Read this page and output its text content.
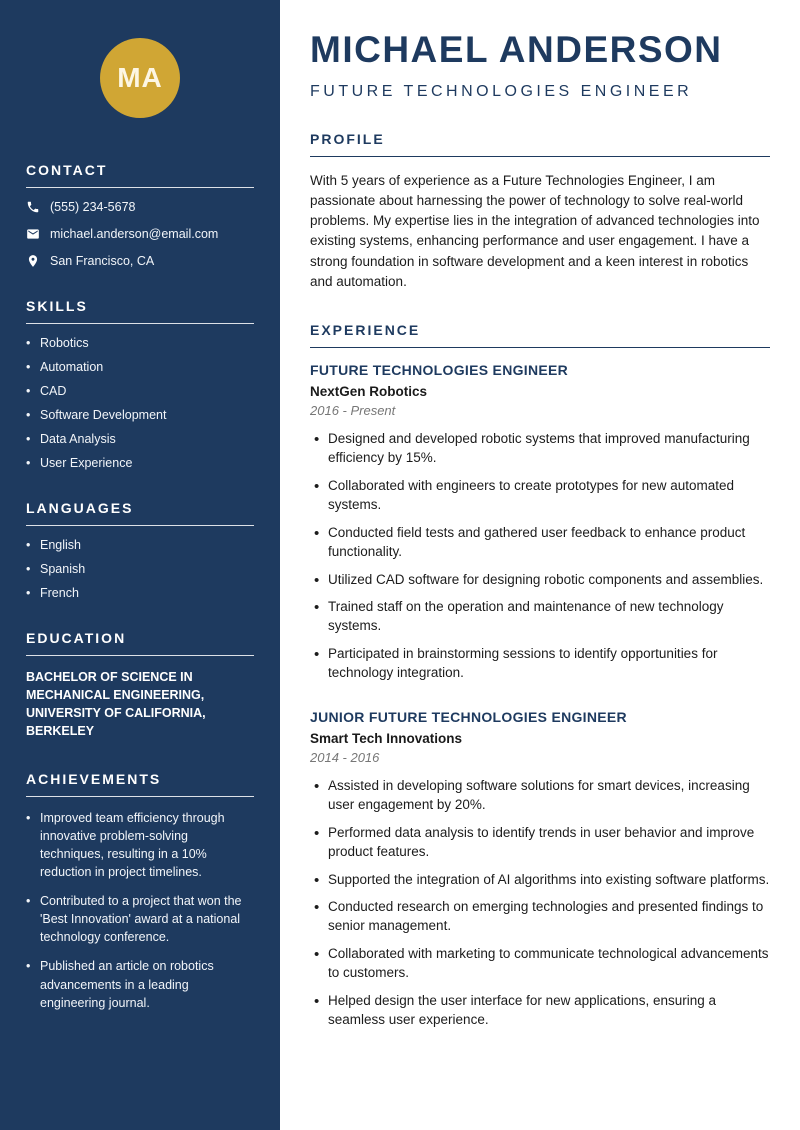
MA
CONTACT
(555) 234-5678
michael.anderson@email.com
San Francisco, CA
SKILLS
• Robotics
• Automation
• CAD
• Software Development
• Data Analysis
• User Experience
LANGUAGES
• English
• Spanish
• French
EDUCATION
BACHELOR OF SCIENCE IN MECHANICAL ENGINEERING, UNIVERSITY OF CALIFORNIA, BERKELEY
ACHIEVEMENTS
• Improved team efficiency through innovative problem-solving techniques, resulting in a 10% reduction in project timelines.
• Contributed to a project that won the 'Best Innovation' award at a national technology conference.
• Published an article on robotics advancements in a leading engineering journal.
MICHAEL ANDERSON
FUTURE TECHNOLOGIES ENGINEER
PROFILE

With 5 years of experience as a Future Technologies Engineer, I am passionate about harnessing the power of technology to solve real-world problems. My expertise lies in the integration of advanced technologies into existing systems, enhancing performance and user engagement. I have a strong foundation in software development and a keen interest in robotics and automation.

EXPERIENCE
FUTURE TECHNOLOGIES ENGINEER
NextGen Robotics
2016 - Present
• Designed and developed robotic systems that improved manufacturing efficiency by 15%.
• Collaborated with engineers to create prototypes for new automated systems.
• Conducted field tests and gathered user feedback to enhance product functionality.
• Utilized CAD software for designing robotic components and assemblies.
• Trained staff on the operation and maintenance of new technology systems.
• Participated in brainstorming sessions to identify opportunities for technology integration.
JUNIOR FUTURE TECHNOLOGIES ENGINEER
Smart Tech Innovations
2014 - 2016
• Assisted in developing software solutions for smart devices, increasing user engagement by 20%.
• Performed data analysis to identify trends in user behavior and improve product features.
• Supported the integration of AI algorithms into existing software platforms.
• Conducted research on emerging technologies and presented findings to senior management.
• Collaborated with marketing to communicate technological advancements to customers.
• Helped design the user interface for new applications, ensuring a seamless user experience.
